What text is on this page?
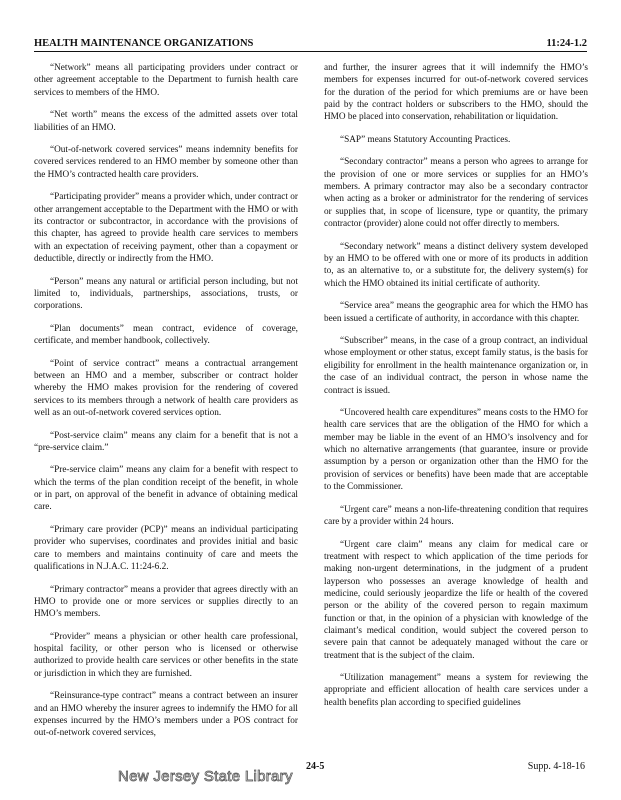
HEALTH MAINTENANCE ORGANIZATIONS	11:24-1.2

“Network” means all participating providers under contract or other agreement acceptable to the Department to furnish health care services to members of the HMO.

“Net worth” means the excess of the admitted assets over total liabilities of an HMO.

“Out-of-network covered services” means indemnity benefits for covered services rendered to an HMO member by someone other than the HMO’s contracted health care providers.

“Participating provider” means a provider which, under contract or other arrangement acceptable to the Department with the HMO or with its contractor or subcontractor, in accordance with the provisions of this chapter, has agreed to provide health care services to members with an expectation of receiving payment, other than a copayment or deductible, directly or indirectly from the HMO.

“Person” means any natural or artificial person including, but not limited to, individuals, partnerships, associations, trusts, or corporations.

“Plan documents” mean contract, evidence of coverage, certificate, and member handbook, collectively.

“Point of service contract” means a contractual arrangement between an HMO and a member, subscriber or contract holder whereby the HMO makes provision for the rendering of covered services to its members through a network of health care providers as well as an out-of-network covered services option.

“Post-service claim” means any claim for a benefit that is not a “pre-service claim.”

“Pre-service claim” means any claim for a benefit with respect to which the terms of the plan condition receipt of the benefit, in whole or in part, on approval of the benefit in advance of obtaining medical care.

“Primary care provider (PCP)” means an individual participating provider who supervises, coordinates and provides initial and basic care to members and maintains continuity of care and meets the qualifications in N.J.A.C. 11:24-6.2.

“Primary contractor” means a provider that agrees directly with an HMO to provide one or more services or supplies directly to an HMO’s members.

“Provider” means a physician or other health care professional, hospital facility, or other person who is licensed or otherwise authorized to provide health care services or other benefits in the state or jurisdiction in which they are furnished.

“Reinsurance-type contract” means a contract between an insurer and an HMO whereby the insurer agrees to indemnify the HMO for all expenses incurred by the HMO’s members under a POS contract for out-of-network covered services,

and further, the insurer agrees that it will indemnify the HMO’s members for expenses incurred for out-of-network covered services for the duration of the period for which premiums are or have been paid by the contract holders or subscribers to the HMO, should the HMO be placed into conservation, rehabilitation or liquidation.

“SAP” means Statutory Accounting Practices.

“Secondary contractor” means a person who agrees to arrange for the provision of one or more services or supplies for an HMO’s members. A primary contractor may also be a secondary contractor when acting as a broker or administrator for the rendering of services or supplies that, in scope of licensure, type or quantity, the primary contractor (provider) alone could not offer directly to members.

“Secondary network” means a distinct delivery system developed by an HMO to be offered with one or more of its products in addition to, as an alternative to, or a substitute for, the delivery system(s) for which the HMO obtained its initial certificate of authority.

“Service area” means the geographic area for which the HMO has been issued a certificate of authority, in accordance with this chapter.

“Subscriber” means, in the case of a group contract, an individual whose employment or other status, except family status, is the basis for eligibility for enrollment in the health maintenance organization or, in the case of an individual contract, the person in whose name the contract is issued.

“Uncovered health care expenditures” means costs to the HMO for health care services that are the obligation of the HMO for which a member may be liable in the event of an HMO’s insolvency and for which no alternative arrangements (that guarantee, insure or provide assumption by a person or organization other than the HMO for the provision of services or benefits) have been made that are acceptable to the Commissioner.

“Urgent care” means a non-life-threatening condition that requires care by a provider within 24 hours.

“Urgent care claim” means any claim for medical care or treatment with respect to which application of the time periods for making non-urgent determinations, in the judgment of a prudent layperson who possesses an average knowledge of health and medicine, could seriously jeopardize the life or health of the covered person or the ability of the covered person to regain maximum function or that, in the opinion of a physician with knowledge of the claimant’s medical condition, would subject the covered person to severe pain that cannot be adequately managed without the care or treatment that is the subject of the claim.

“Utilization management” means a system for reviewing the appropriate and efficient allocation of health care services under a health benefits plan according to specified guidelines

New Jersey State Library
24-5	Supp. 4-18-16
